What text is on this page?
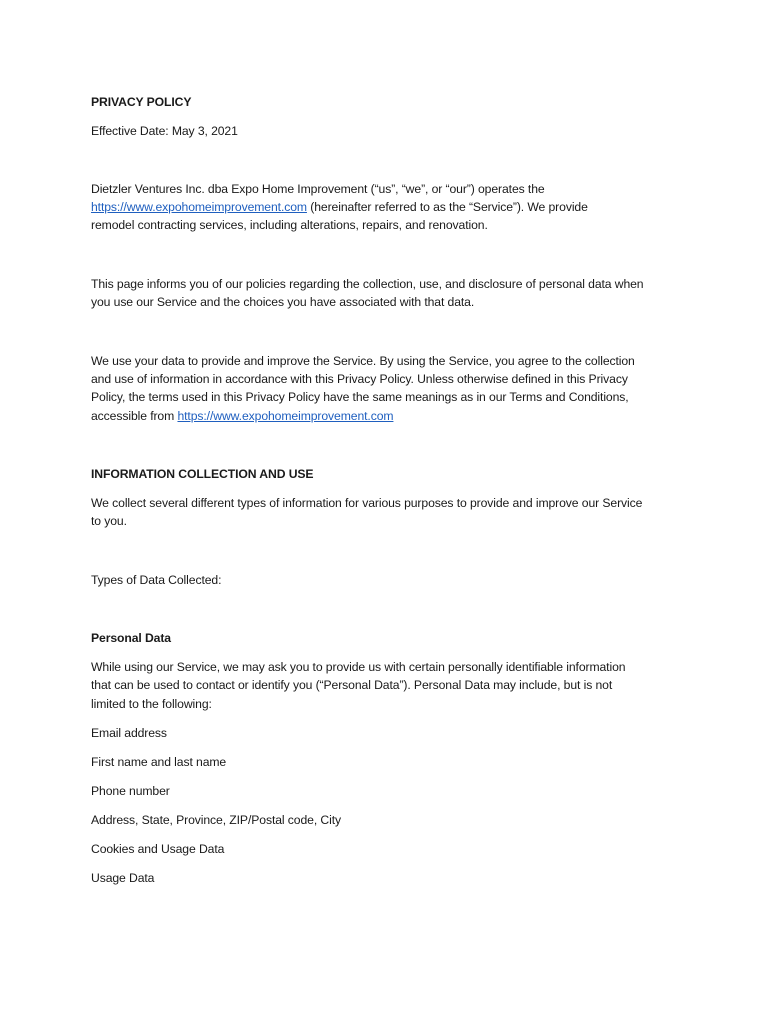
PRIVACY POLICY
Effective Date: May 3, 2021
Dietzler Ventures Inc. dba Expo Home Improvement (“us”, “we”, or “our”) operates the
https://www.expohomeimprovement.com (hereinafter referred to as the “Service”). We provide
remodel contracting services, including alterations, repairs, and renovation.
This page informs you of our policies regarding the collection, use, and disclosure of personal data when
you use our Service and the choices you have associated with that data.
We use your data to provide and improve the Service. By using the Service, you agree to the collection
and use of information in accordance with this Privacy Policy. Unless otherwise defined in this Privacy
Policy, the terms used in this Privacy Policy have the same meanings as in our Terms and Conditions,
accessible from https://www.expohomeimprovement.com
INFORMATION COLLECTION AND USE
We collect several different types of information for various purposes to provide and improve our Service
to you.
Types of Data Collected:
Personal Data
While using our Service, we may ask you to provide us with certain personally identifiable information
that can be used to contact or identify you (“Personal Data”). Personal Data may include, but is not
limited to the following:
Email address
First name and last name
Phone number
Address, State, Province, ZIP/Postal code, City
Cookies and Usage Data
Usage Data
